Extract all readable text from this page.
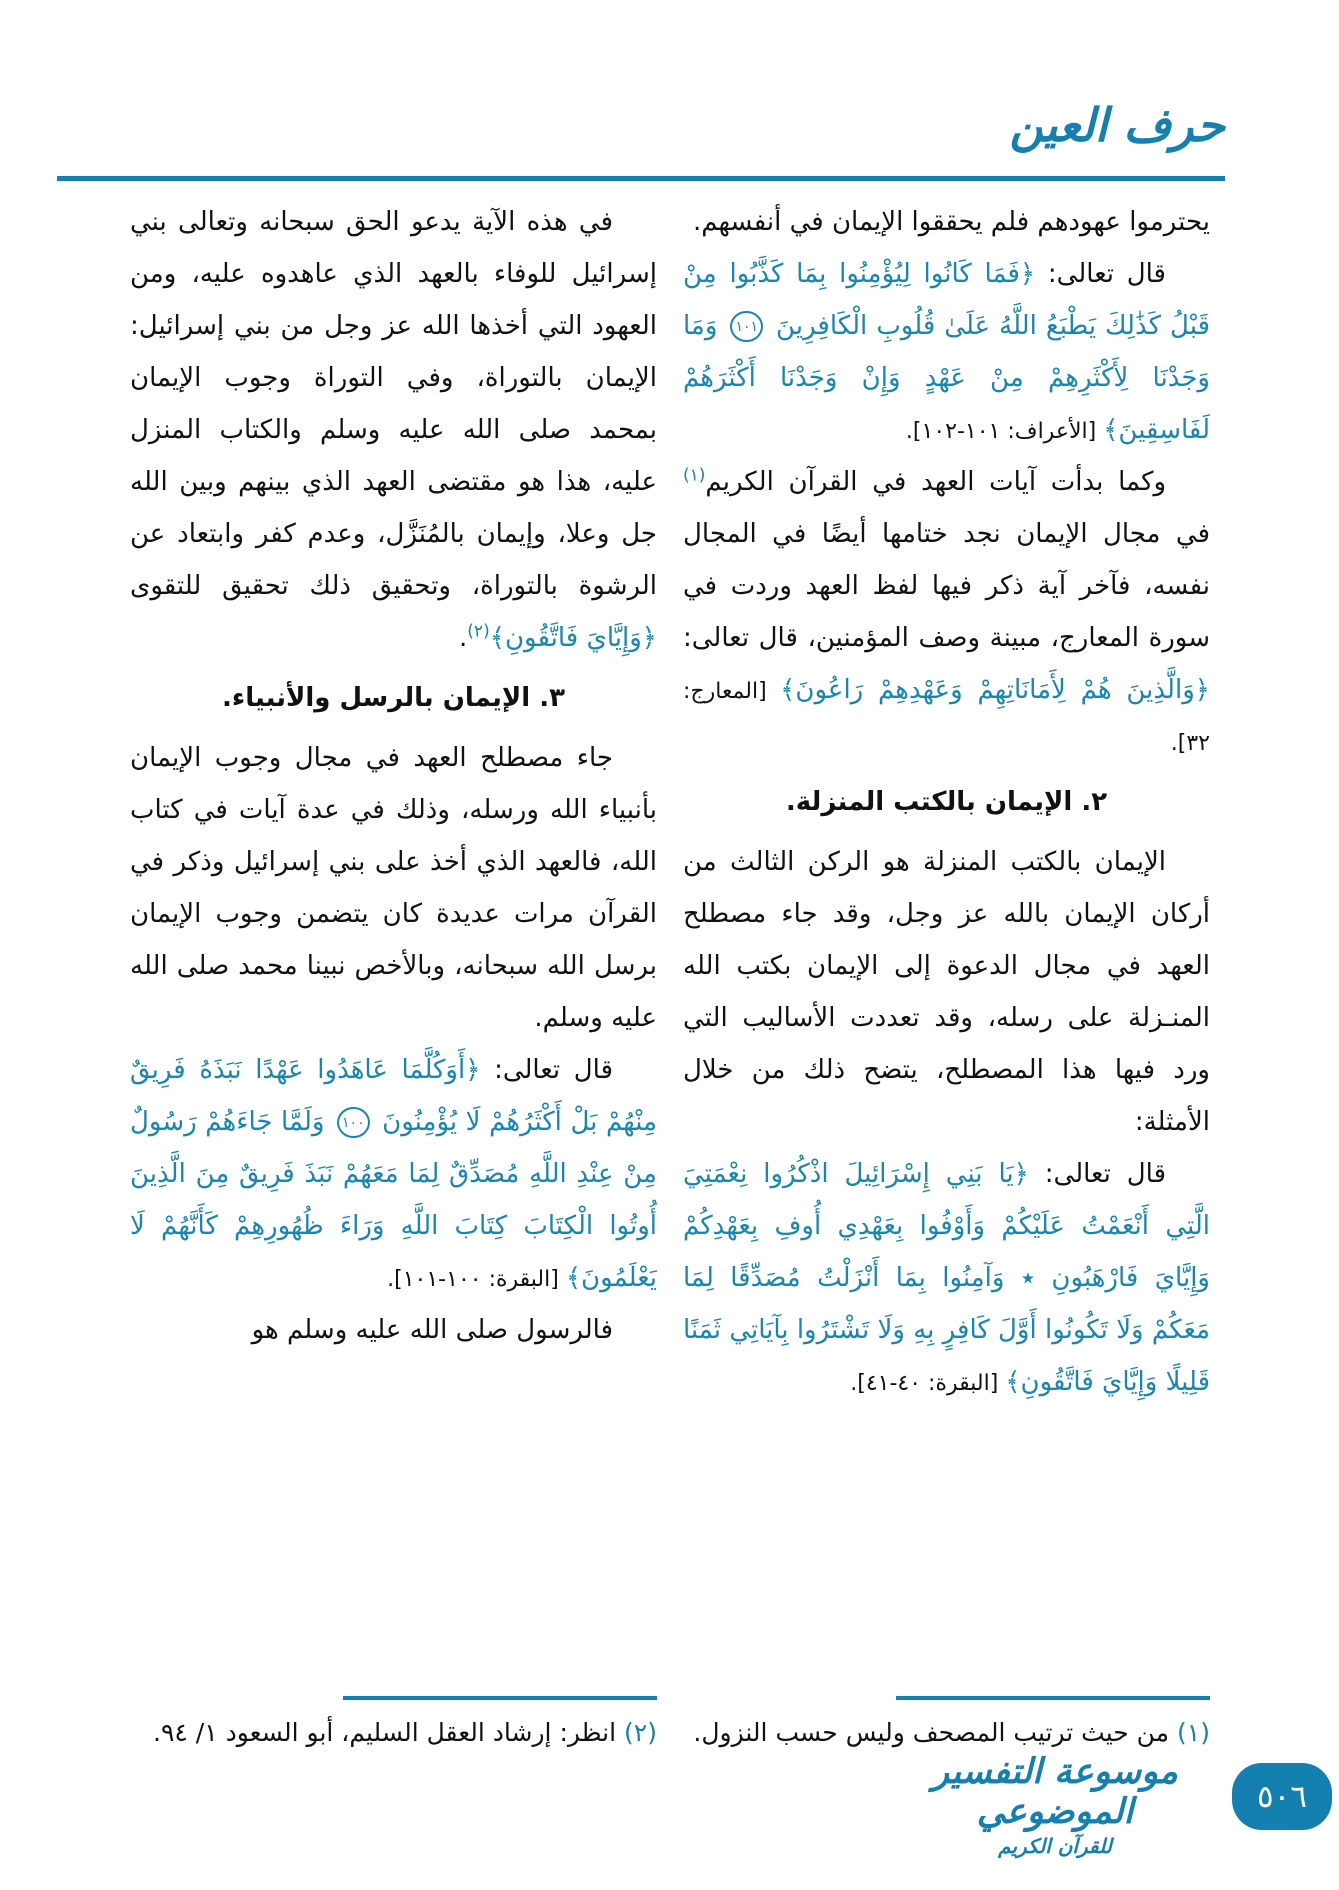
حرف العين

يحترموا عهودهم فلم يحققوا الإيمان في أنفسهم.

قال تعالى: ﴿فَمَا كَانُوا لِيُؤْمِنُوا بِمَا كَذَّبُوا مِنْ قَبْلُ كَذَٰلِكَ يَطْبَعُ اللَّهُ عَلَىٰ قُلُوبِ الْكَافِرِينَ ١٠١ وَمَا وَجَدْنَا لِأَكْثَرِهِمْ مِنْ عَهْدٍ وَإِنْ وَجَدْنَا أَكْثَرَهُمْ لَفَاسِقِينَ﴾ [الأعراف: ١٠١-١٠٢].

وكما بدأت آيات العهد في القرآن الكريم$^{(١)}$ في مجال الإيمان نجد ختامها أيضًا في المجال نفسه، فآخر آية ذكر فيها لفظ العهد وردت في سورة المعارج، مبينة وصف المؤمنين، قال تعالى: ﴿وَالَّذِينَ هُمْ لِأَمَانَاتِهِمْ وَعَهْدِهِمْ رَاعُونَ﴾ [المعارج: ٣٢].

٢. الإيمان بالكتب المنزلة.

الإيمان بالكتب المنزلة هو الركن الثالث من أركان الإيمان بالله عز وجل، وقد جاء مصطلح العهد في مجال الدعوة إلى الإيمان بكتب الله المنـزلة على رسله، وقد تعددت الأساليب التي ورد فيها هذا المصطلح، يتضح ذلك من خلال الأمثلة:

قال تعالى: ﴿يَا بَنِي إِسْرَائِيلَ اذْكُرُوا نِعْمَتِيَ الَّتِي أَنْعَمْتُ عَلَيْكُمْ وَأَوْفُوا بِعَهْدِي أُوفِ بِعَهْدِكُمْ وَإِيَّايَ فَارْهَبُونِ ٭ وَآمِنُوا بِمَا أَنْزَلْتُ مُصَدِّقًا لِمَا مَعَكُمْ وَلَا تَكُونُوا أَوَّلَ كَافِرٍ بِهِ وَلَا تَشْتَرُوا بِآيَاتِي ثَمَنًا قَلِيلًا وَإِيَّايَ فَاتَّقُونِ﴾ [البقرة: ٤٠-٤١].

(١) من حيث ترتيب المصحف وليس حسب النزول.

في هذه الآية يدعو الحق سبحانه وتعالى بني إسرائيل للوفاء بالعهد الذي عاهدوه عليه، ومن العهود التي أخذها الله عز وجل من بني إسرائيل: الإيمان بالتوراة، وفي التوراة وجوب الإيمان بمحمد صلى الله عليه وسلم والكتاب المنزل عليه، هذا هو مقتضى العهد الذي بينهم وبين الله جل وعلا، وإيمان بالمُنَزَّل، وعدم كفر وابتعاد عن الرشوة بالتوراة، وتحقيق ذلك تحقيق للتقوى ﴿وَإِيَّايَ فَاتَّقُونِ﴾$^{(٢)}$.

٣. الإيمان بالرسل والأنبياء.

جاء مصطلح العهد في مجال وجوب الإيمان بأنبياء الله ورسله، وذلك في عدة آيات في كتاب الله، فالعهد الذي أخذ على بني إسرائيل وذكر في القرآن مرات عديدة كان يتضمن وجوب الإيمان برسل الله سبحانه، وبالأخص نبينا محمد صلى الله عليه وسلم.

قال تعالى: ﴿أَوَكُلَّمَا عَاهَدُوا عَهْدًا نَبَذَهُ فَرِيقٌ مِنْهُمْ بَلْ أَكْثَرُهُمْ لَا يُؤْمِنُونَ ١٠٠ وَلَمَّا جَاءَهُمْ رَسُولٌ مِنْ عِنْدِ اللَّهِ مُصَدِّقٌ لِمَا مَعَهُمْ نَبَذَ فَرِيقٌ مِنَ الَّذِينَ أُوتُوا الْكِتَابَ كِتَابَ اللَّهِ وَرَاءَ ظُهُورِهِمْ كَأَنَّهُمْ لَا يَعْلَمُونَ﴾ [البقرة: ١٠٠-١٠١].

فالرسول صلى الله عليه وسلم هو

(٢) انظر: إرشاد العقل السليم، أبو السعود ١/ ٩٤.
موسوعة التفسير الموضوعي
للقرآن الكريم
٥٠٦
